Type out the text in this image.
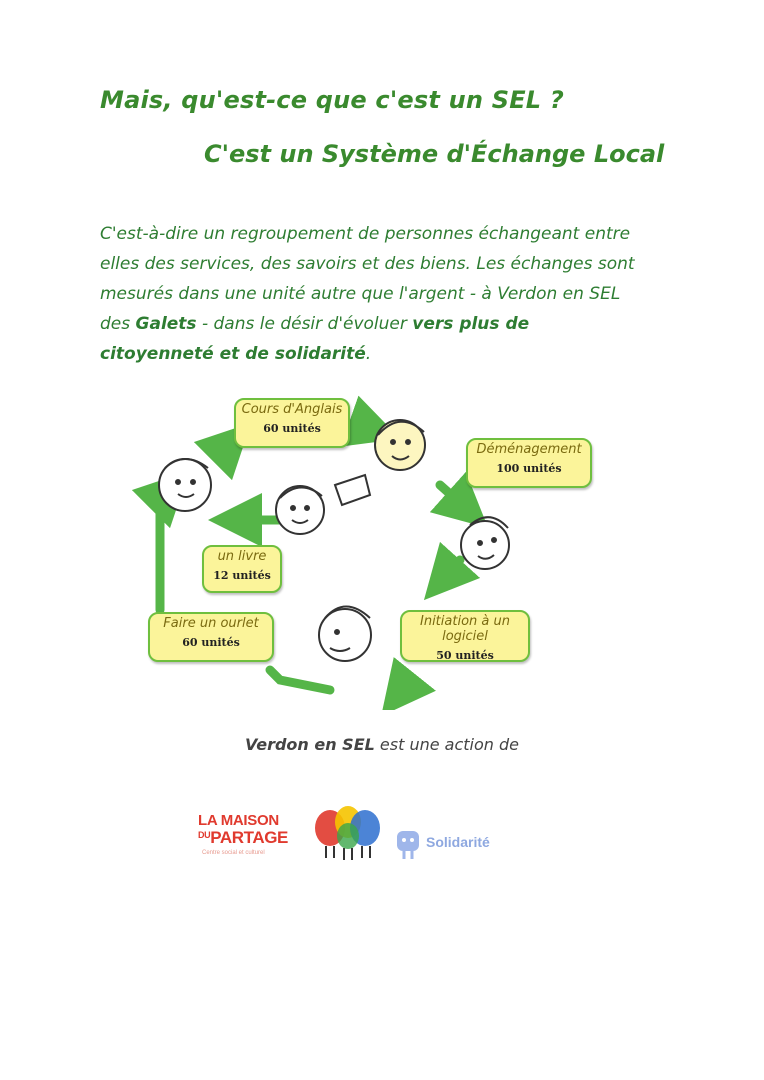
Mais, qu'est-ce que c'est un SEL ?
C'est un Système d'Échange Local

C'est-à-dire un regroupement de personnes échangeant entre elles des services, des savoirs et des biens. Les échanges sont mesurés dans une unité autre que l'argent - à Verdon en SEL des Galets - dans le désir d'évoluer vers plus de citoyenneté et de solidarité.

Cours d'Anglais
60 unités
Déménagement
100 unités
Initiation à un logiciel
50 unités
Faire un ourlet
60 unités
un livre
12 unités
Verdon en SEL est une action de
LA MAISON
$^{DU}$PARTAGE
Centre social et culturel
Solidarité
